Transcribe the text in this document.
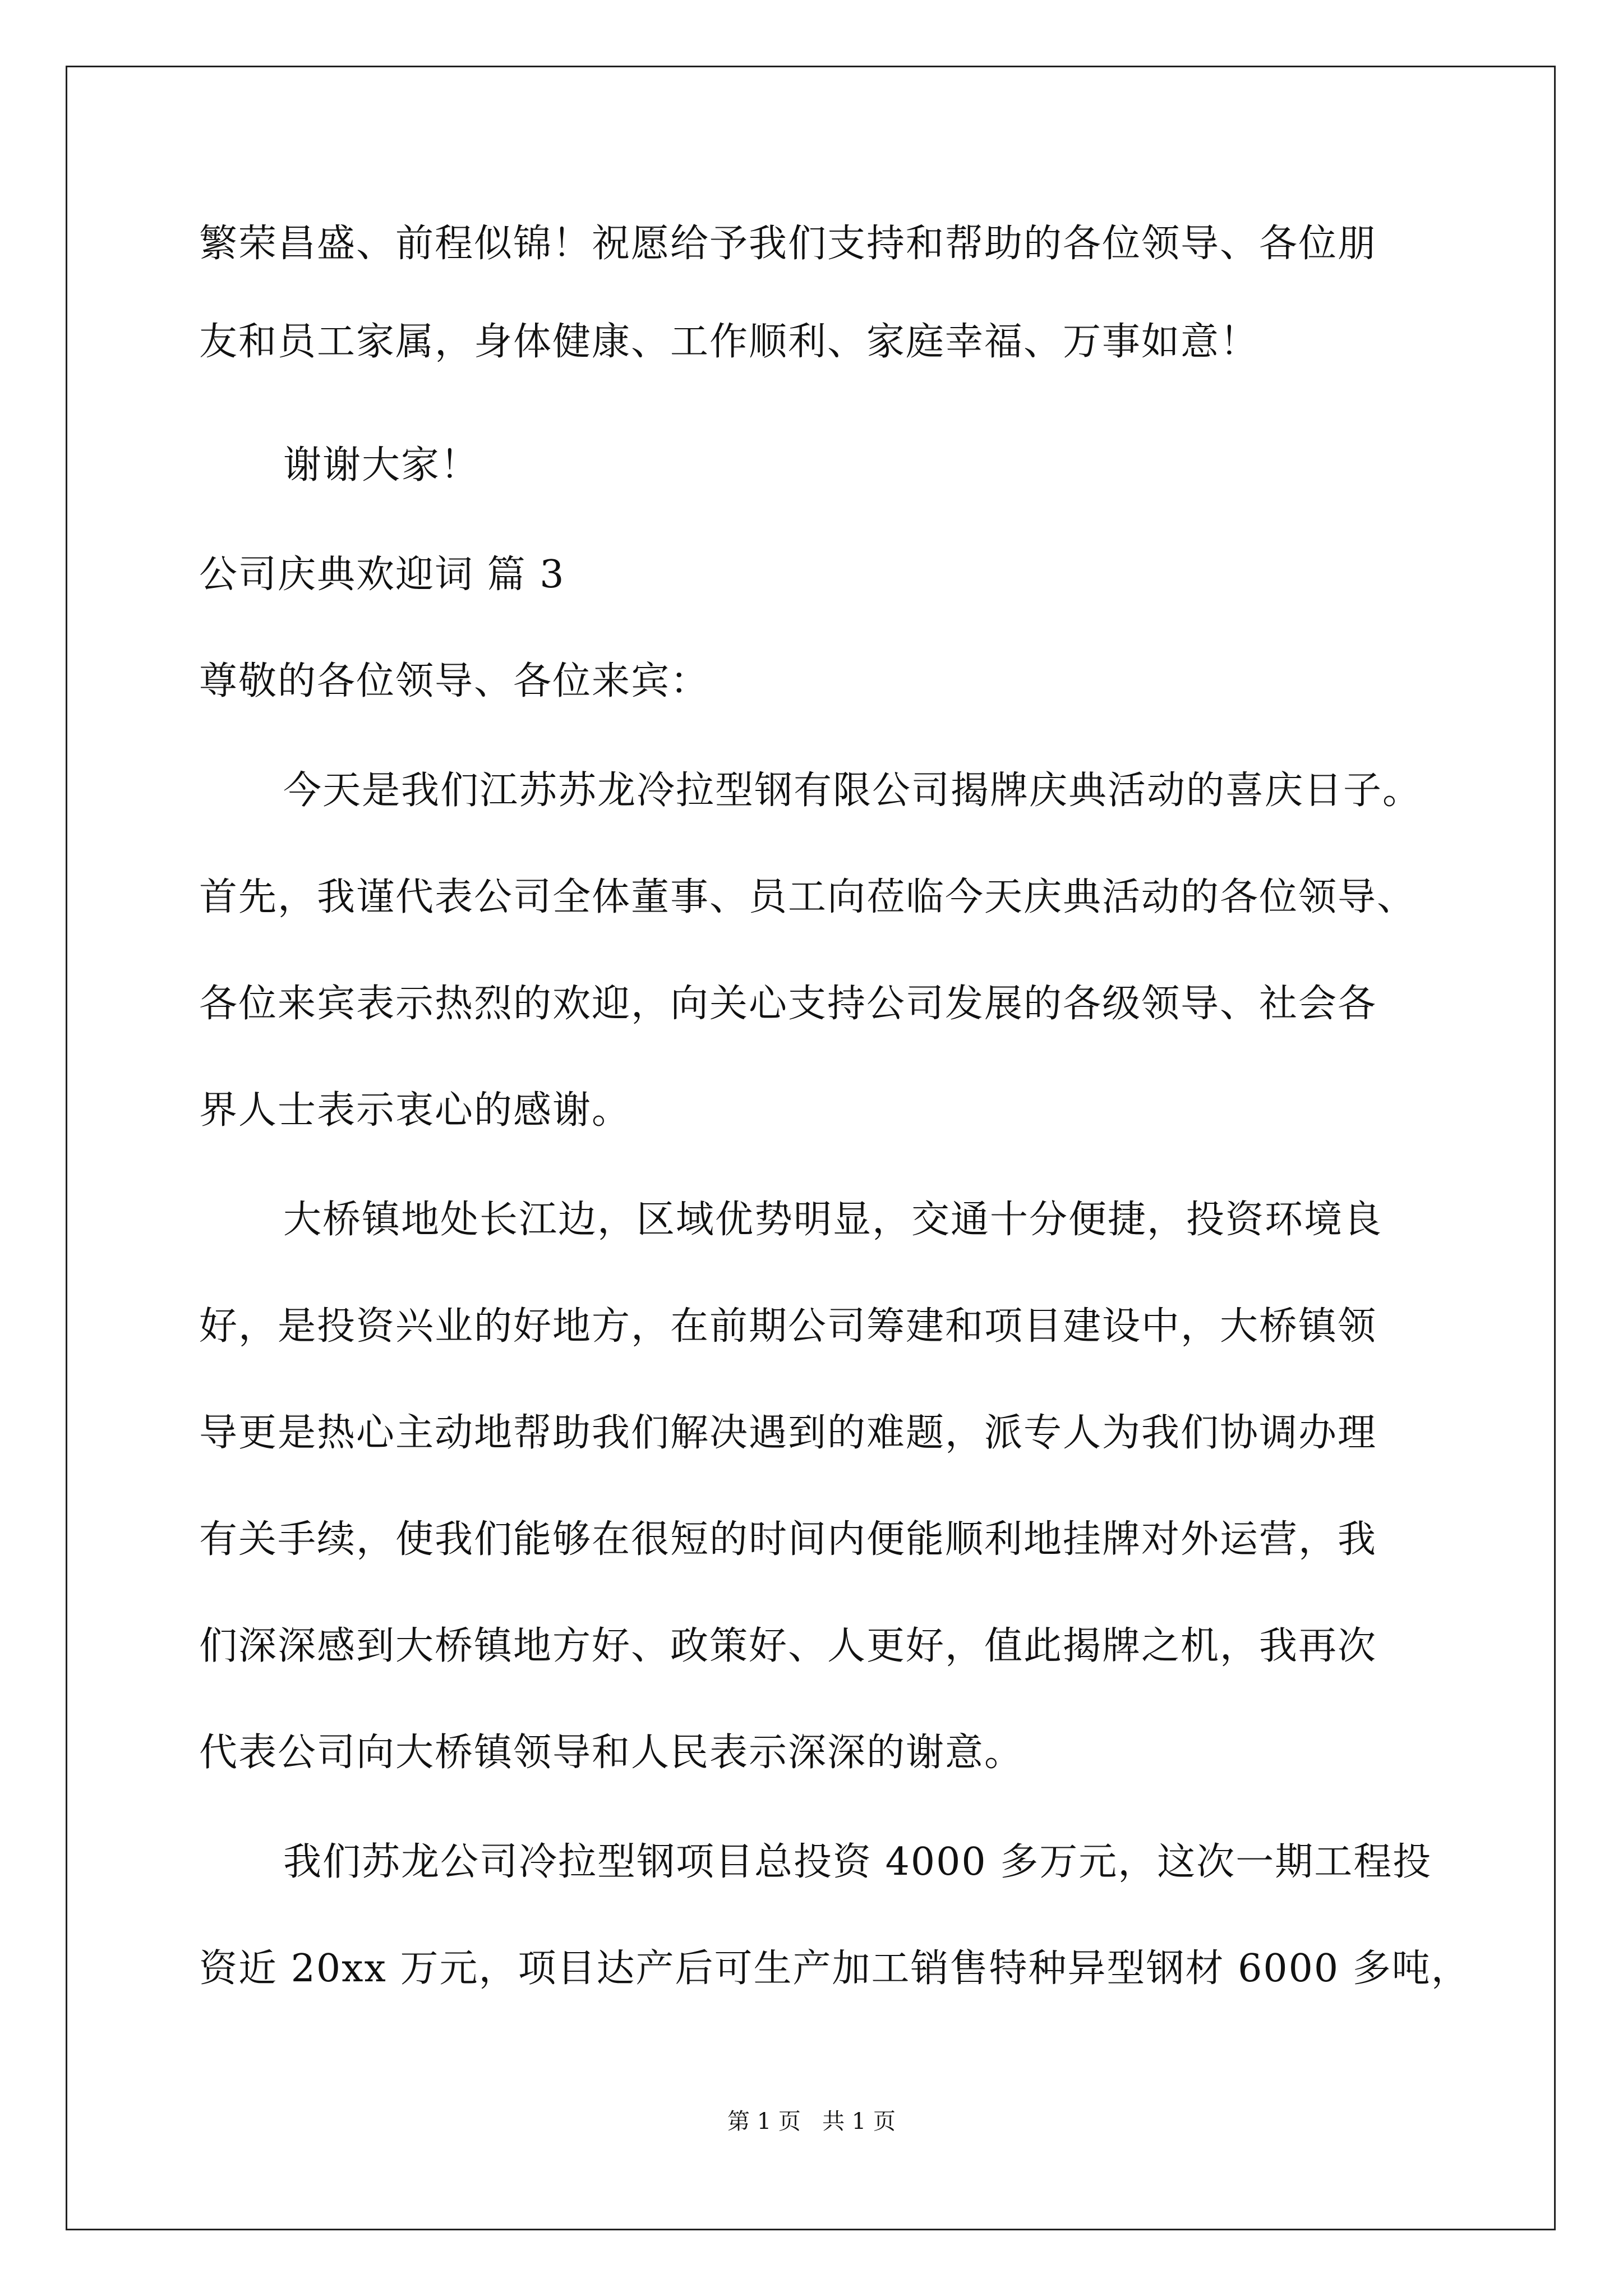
繁荣昌盛、前程似锦！祝愿给予我们支持和帮助的各位领导、各位朋
友和员工家属，身体健康、工作顺利、家庭幸福、万事如意！
谢谢大家！
公司庆典欢迎词 篇 3
尊敬的各位领导、各位来宾：
今天是我们江苏苏龙冷拉型钢有限公司揭牌庆典活动的喜庆日子。
首先，我谨代表公司全体董事、员工向莅临今天庆典活动的各位领导、
各位来宾表示热烈的欢迎，向关心支持公司发展的各级领导、社会各
界人士表示衷心的感谢。
大桥镇地处长江边，区域优势明显，交通十分便捷，投资环境良
好，是投资兴业的好地方，在前期公司筹建和项目建设中，大桥镇领
导更是热心主动地帮助我们解决遇到的难题，派专人为我们协调办理
有关手续，使我们能够在很短的时间内便能顺利地挂牌对外运营，我
们深深感到大桥镇地方好、政策好、人更好，值此揭牌之机，我再次
代表公司向大桥镇领导和人民表示深深的谢意。
我们苏龙公司冷拉型钢项目总投资 4000 多万元，这次一期工程投
资近 20xx 万元，项目达产后可生产加工销售特种异型钢材 6000 多吨，
第 1 页   共 1 页
